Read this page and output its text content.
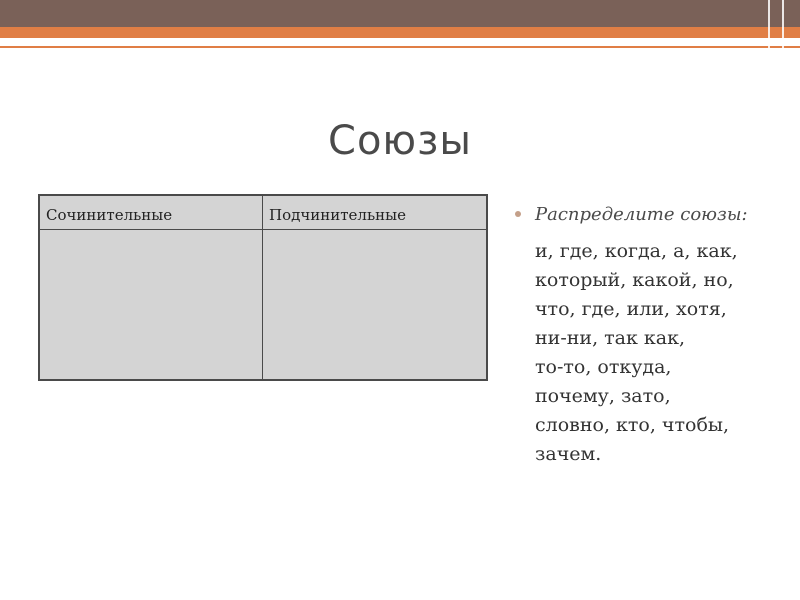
Союзы
Сочинительные	Подчинительные	Распределите союзы:
и, где, когда, а, как,
который, какой, но,
что, где, или, хотя,
ни-ни, так как,
то-то, откуда,
почему, зато,
словно, кто, чтобы,
зачем.
